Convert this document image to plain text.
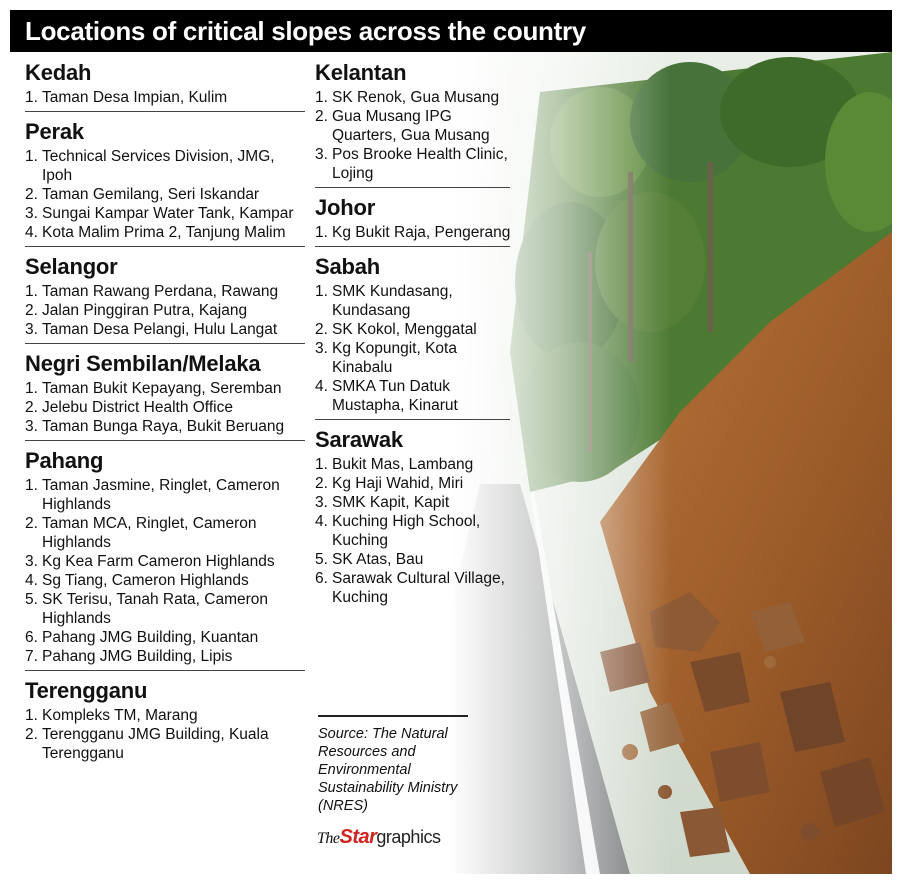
Locations of critical slopes across the country
Kedah
1. Taman Desa Impian, Kulim
Perak
1. Technical Services Division, JMG, Ipoh
2. Taman Gemilang, Seri Iskandar
3. Sungai Kampar Water Tank, Kampar
4. Kota Malim Prima 2, Tanjung Malim
Selangor
1. Taman Rawang Perdana, Rawang
2. Jalan Pinggiran Putra, Kajang
3. Taman Desa Pelangi, Hulu Langat
Negri Sembilan/Melaka
1. Taman Bukit Kepayang, Seremban
2. Jelebu District Health Office
3. Taman Bunga Raya, Bukit Beruang
Pahang
1. Taman Jasmine, Ringlet, Cameron Highlands
2. Taman MCA, Ringlet, Cameron Highlands
3. Kg Kea Farm Cameron Highlands
4. Sg Tiang, Cameron Highlands
5. SK Terisu, Tanah Rata, Cameron Highlands
6. Pahang JMG Building, Kuantan
7. Pahang JMG Building, Lipis
Terengganu
1. Kompleks TM, Marang
2. Terengganu JMG Building, Kuala Terengganu
Kelantan
1. SK Renok, Gua Musang
2. Gua Musang IPG Quarters, Gua Musang
3. Pos Brooke Health Clinic, Lojing
Johor
1. Kg Bukit Raja, Pengerang
Sabah
1. SMK Kundasang, Kundasang
2. SK Kokol, Menggatal
3. Kg Kopungit, Kota Kinabalu
4. SMKA Tun Datuk Mustapha, Kinarut
Sarawak
1. Bukit Mas, Lambang
2. Kg Haji Wahid, Miri
3. SMK Kapit, Kapit
4. Kuching High School, Kuching
5. SK Atas, Bau
6. Sarawak Cultural Village, Kuching
Source: The Natural Resources and Environmental Sustainability Ministry (NRES)
TheStargraphics
